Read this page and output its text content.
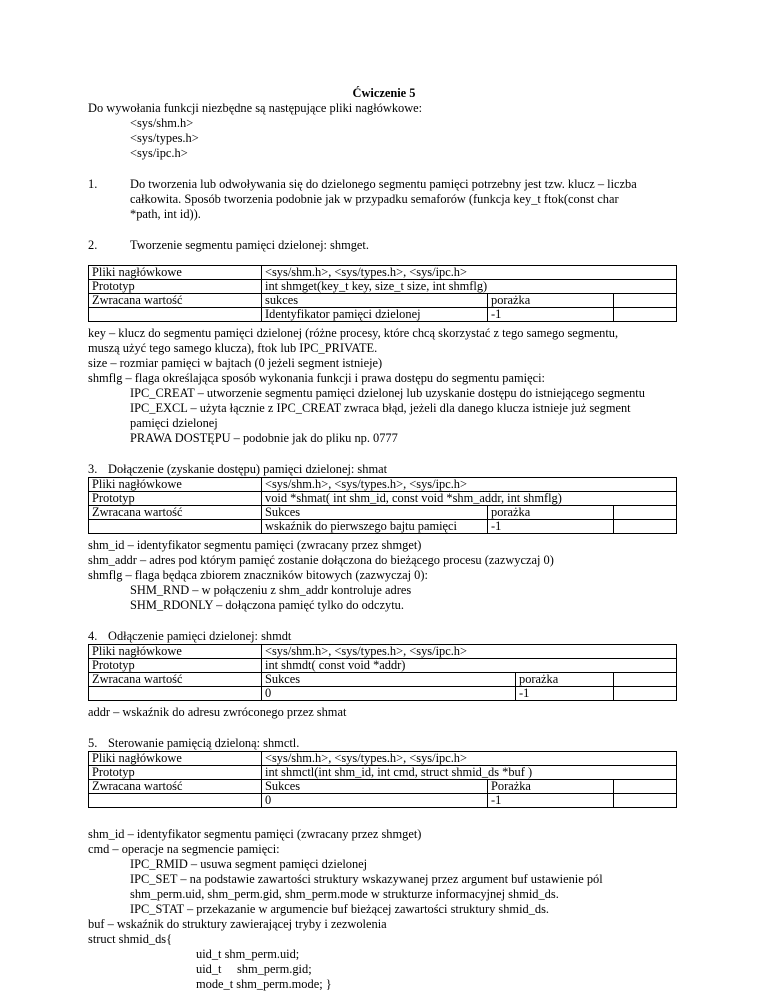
Ćwiczenie 5
Do wywołania funkcji niezbędne są następujące pliki nagłówkowe:
<sys/shm.h>
<sys/types.h>
<sys/ipc.h>
1.	Do tworzenia lub odwoływania się do dzielonego segmentu pamięci potrzebny jest tzw. klucz – liczba
całkowita. Sposób tworzenia podobnie jak w przypadku semaforów (funkcja key_t ftok(const char
*path, int id)).
2.	Tworzenie segmentu pamięci dzielonej: shmget.
Pliki nagłówkowe	<sys/shm.h>, <sys/types.h>, <sys/ipc.h>		
Prototyp	int shmget(key_t key, size_t size, int shmflg)		
Zwracana wartość	sukces	porażka	
	Identyfikator pamięci dzielonej	-1	
key – klucz do segmentu pamięci dzielonej (różne procesy, które chcą skorzystać z tego samego segmentu,
muszą użyć tego samego klucza), ftok lub IPC_PRIVATE.
size – rozmiar pamięci w bajtach (0 jeżeli segment istnieje)
shmflg – flaga określająca sposób wykonania funkcji i prawa dostępu do segmentu pamięci:
IPC_CREAT – utworzenie segmentu pamięci dzielonej lub uzyskanie dostępu do istniejącego segmentu
IPC_EXCL – użyta łącznie z IPC_CREAT zwraca błąd, jeżeli dla danego klucza istnieje już segment
pamięci dzielonej
PRAWA DOSTĘPU – podobnie jak do pliku np. 0777
3. Dołączenie (zyskanie dostępu) pamięci dzielonej: shmat
Pliki nagłówkowe	<sys/shm.h>, <sys/types.h>, <sys/ipc.h>		
Prototyp	void *shmat( int shm_id, const void *shm_addr, int shmflg)		
Zwracana wartość	Sukces	porażka	
	wskaźnik do pierwszego bajtu pamięci	-1	
shm_id – identyfikator segmentu pamięci (zwracany przez shmget)
shm_addr – adres pod którym pamięć zostanie dołączona do bieżącego procesu (zazwyczaj 0)
shmflg – flaga będąca zbiorem znaczników bitowych (zazwyczaj 0):
SHM_RND – w połączeniu z shm_addr kontroluje adres
SHM_RDONLY – dołączona pamięć tylko do odczytu.
4. Odłączenie pamięci dzielonej: shmdt
Pliki nagłówkowe	<sys/shm.h>, <sys/types.h>, <sys/ipc.h>		
Prototyp	int shmdt( const void *addr)		
Zwracana wartość	Sukces	porażka	
	0	-1	
addr – wskaźnik do adresu zwróconego przez shmat
5. Sterowanie pamięcią dzieloną: shmctl.
Pliki nagłówkowe	<sys/shm.h>, <sys/types.h>, <sys/ipc.h>		
Prototyp	int shmctl(int shm_id, int cmd, struct shmid_ds *buf )		
Zwracana wartość	Sukces	Porażka	
	0	-1	
shm_id – identyfikator segmentu pamięci (zwracany przez shmget)
cmd – operacje na segmencie pamięci:
IPC_RMID – usuwa segment pamięci dzielonej
IPC_SET – na podstawie zawartości struktury wskazywanej przez argument buf ustawienie pól
shm_perm.uid, shm_perm.gid, shm_perm.mode w strukturze informacyjnej shmid_ds.
IPC_STAT – przekazanie w argumencie buf bieżącej zawartości struktury shmid_ds.
buf – wskaźnik do struktury zawierającej tryby i zezwolenia
struct shmid_ds{
uid_t shm_perm.uid;
uid_t     shm_perm.gid;
mode_t shm_perm.mode; }
